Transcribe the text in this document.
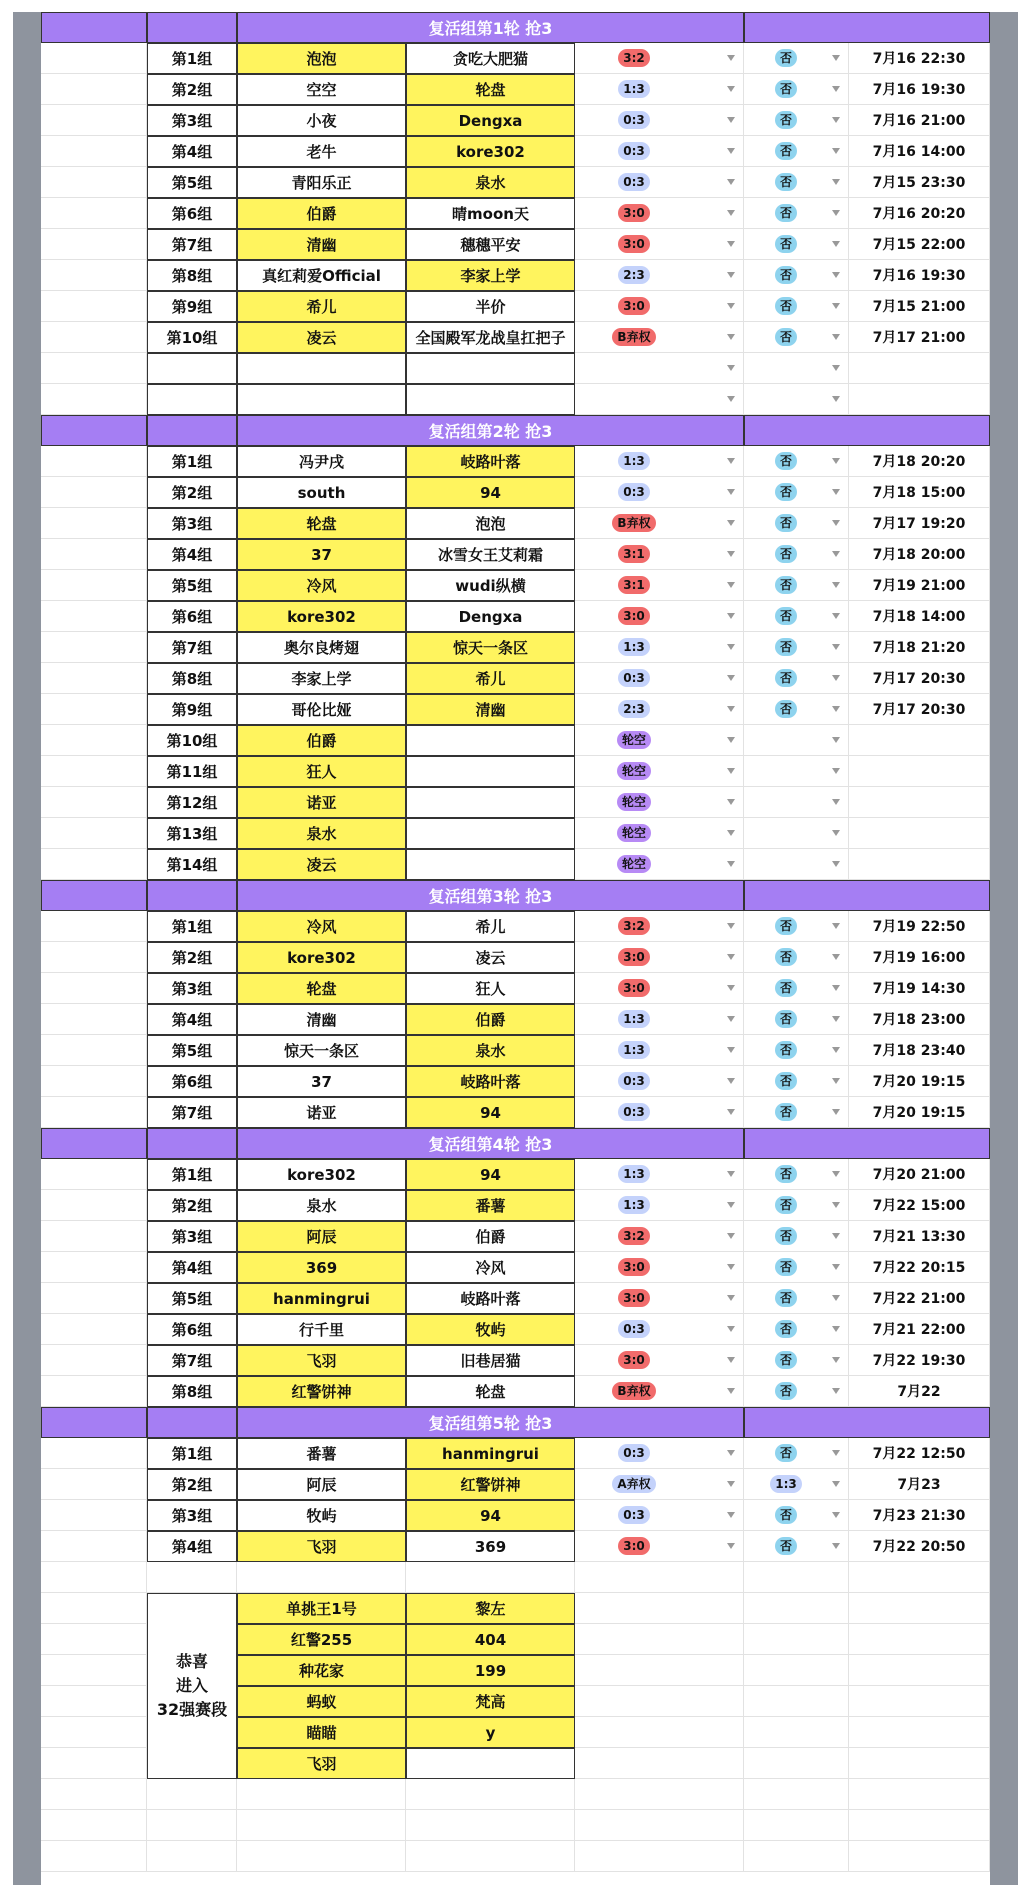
复活组第1轮 抢3
第1组	泡泡	贪吃大肥猫	3:2	否	7月16 22:30
第2组	空空	轮盘	1:3	否	7月16 19:30
第3组	小夜	Dengxa	0:3	否	7月16 21:00
第4组	老牛	kore302	0:3	否	7月16 14:00
第5组	青阳乐正	泉水	0:3	否	7月15 23:30
第6组	伯爵	晴moon天	3:0	否	7月16 20:20
第7组	清幽	穗穗平安	3:0	否	7月15 22:00
第8组	真红莉爱Official	李家上学	2:3	否	7月16 19:30
第9组	希儿	半价	3:0	否	7月15 21:00
第10组	凌云	全国殿军龙战皇扛把子	B弃权	否	7月17 21:00
复活组第2轮 抢3
第1组	冯尹戌	岐路叶落	1:3	否	7月18 20:20
第2组	south	94	0:3	否	7月18 15:00
第3组	轮盘	泡泡	B弃权	否	7月17 19:20
第4组	37	冰雪女王艾莉霜	3:1	否	7月18 20:00
第5组	冷风	wudi纵横	3:1	否	7月19 21:00
第6组	kore302	Dengxa	3:0	否	7月18 14:00
第7组	奥尔良烤翅	惊天一条区	1:3	否	7月18 21:20
第8组	李家上学	希儿	0:3	否	7月17 20:30
第9组	哥伦比娅	清幽	2:3	否	7月17 20:30
第10组	伯爵	轮空
第11组	狂人	轮空
第12组	诺亚	轮空
第13组	泉水	轮空
第14组	凌云	轮空
复活组第3轮 抢3
第1组	冷风	希儿	3:2	否	7月19 22:50
第2组	kore302	凌云	3:0	否	7月19 16:00
第3组	轮盘	狂人	3:0	否	7月19 14:30
第4组	清幽	伯爵	1:3	否	7月18 23:00
第5组	惊天一条区	泉水	1:3	否	7月18 23:40
第6组	37	岐路叶落	0:3	否	7月20 19:15
第7组	诺亚	94	0:3	否	7月20 19:15
复活组第4轮 抢3
第1组	kore302	94	1:3	否	7月20 21:00
第2组	泉水	番薯	1:3	否	7月22 15:00
第3组	阿辰	伯爵	3:2	否	7月21 13:30
第4组	369	冷风	3:0	否	7月22 20:15
第5组	hanmingrui	岐路叶落	3:0	否	7月22 21:00
第6组	行千里	牧屿	0:3	否	7月21 22:00
第7组	飞羽	旧巷居猫	3:0	否	7月22 19:30
第8组	红警饼神	轮盘	B弃权	否	7月22
复活组第5轮 抢3
第1组	番薯	hanmingrui	0:3	否	7月22 12:50
第2组	阿辰	红警饼神	A弃权	1:3	7月23
第3组	牧屿	94	0:3	否	7月23 21:30
第4组	飞羽	369	3:0	否	7月22 20:50
单挑王1号	黎左
红警255	404
种花家	199
蚂蚁	梵高
瞄瞄	y
飞羽
恭喜
进入
32强赛段
